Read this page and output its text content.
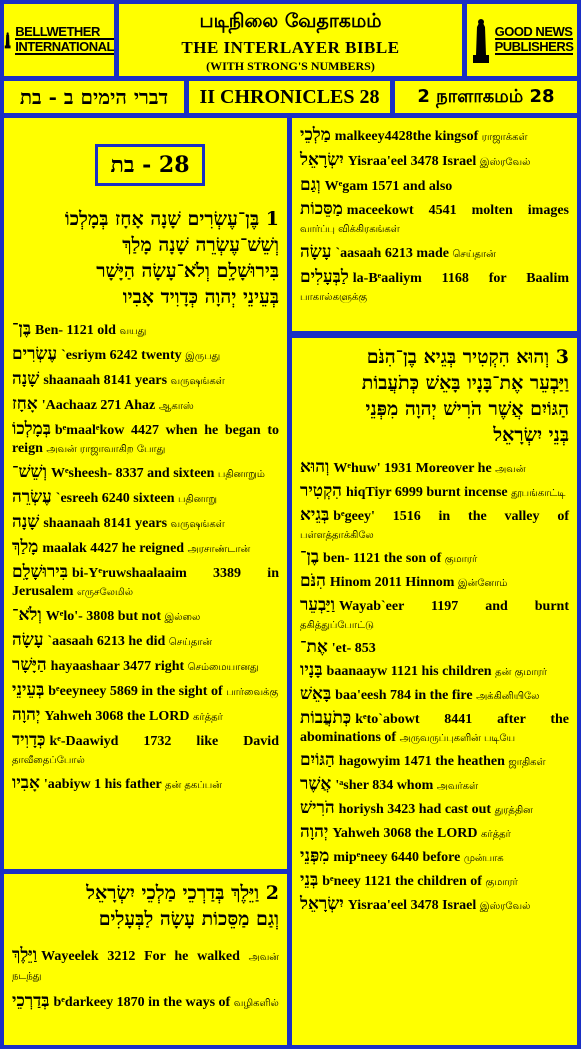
BELLWETHER
INTERNATIONAL
படிநிலை வேதாகமம்
THE INTERLAYER BIBLE
(WITH STRONG'S NUMBERS)
GOOD NEWS
PUBLISHERS
דברי הימים ב - בת	II CHRONICLES 28	2 நாளாகமம் 28
28 - בת
1 בֶּן־עֶשְׂרִים שָׁנָה אָחָז בְּמָלְכוֹ
וְשֵׁשׁ־עֶשְׂרֵה שָׁנָה מָלַךְ
בִּירוּשָׁלִָם וְלֹא־עָשָׂה הַיָּשָׁר
בְּעֵינֵי יְהוָה כְּדָוִיד אָבִיו
בֶּן־ Ben- 1121 old வயது
עֶשְׂרִים `esriym 6242 twenty இருபது
שָׁנָה shaanaah 8141 years வருஷங்கள்
אָחָז 'Aachaaz 271 Ahaz ஆகாஸ்
בְּמָלְכוֹ bᵉmaalᵉkow 4427 when he began to reign அவன் ராஜாவாகிற போது
וְשֵׁשׁ־ Wᵉsheesh- 8337 and sixteen பதினாறும்
עֶשְׂרֵה `esreeh 6240 sixteen பதினாறு
שָׁנָה shaanaah 8141 years வருஷங்கள்
מָלַךְ maalak 4427 he reigned அரசாண்டான்
בִּירוּשָׁלִָם bi-Yᵉruwshaalaaim 3389 in Jerusalem எருசலேமில்
וְלֹא־ Wᵉlo'- 3808 but not இல்லை
עָשָׂה `aasaah 6213 he did செய்தான்
הַיָּשָׁר hayaashaar 3477 right செம்மையானது
בְּעֵינֵי bᵉeeyneey 5869 in the sight of பார்வைக்கு
יְהוָה Yahweh 3068 the LORD கர்த்தர்
כְּדָוִיד kᵉ-Daawiyd 1732 like David தாவீதைப்போல்
אָבִיו 'aabiyw 1 his father தன் தகப்பன்
2 וַיֵּלֶךְ בְּדַרְכֵי מַלְכֵי יִשְׂרָאֵל
וְגַם מַסֵּכוֹת עָשָׂה לַבְּעָלִים
וַיֵּלֶךְ Wayeelek 3212 For he walked அவன் நடந்து
בְּדַרְכֵי bᵉdarkeey 1870 in the ways of வழிகளில்
מַלְכֵי malkeey4428the kingsof ராஜாக்கள்
יִשְׂרָאֵל Yisraa'eel 3478 Israel இஸ்ரவேல்
וְגַם Wᵉgam 1571 and also
מַסֵּכוֹת maceekowt 4541 molten images வார்ப்பு விக்கிரகங்கள்
עָשָׂה `aasaah 6213 made செய்தான்
לַבְּעָלִים la-Bᵉaaliym 1168 for Baalim பாகால்களுக்கு
3 וְהוּא הִקְטִיר בְּגֵיא בֶן־הִנֹּם
וַיַּבְעֵר אֶת־בָּנָיו בָּאֵשׁ כְּתֹעֲבוֹת
הַגּוֹיִם אֲשֶׁר הֹרִישׁ יְהוָה מִפְּנֵי
בְּנֵי יִשְׂרָאֵל
וְהוּא Wᵉhuw' 1931 Moreover he அவன்
הִקְטִיר hiqTiyr 6999 burnt incense தூபங்காட்டி
בְּגֵיא bᵉgeey' 1516 in the valley of பள்ளத்தாக்கிலே
בֶן־ ben- 1121 the son of குமாரர்
הִנֹּם Hinom 2011 Hinnom இன்னோம்
וַיַּבְעֵר Wayab`eer 1197 and burnt தகித்துப்போட்டு
אֶת־ 'et- 853
בָּנָיו baanaayw 1121 his children தன் குமாரர்
בָּאֵשׁ baa'eesh 784 in the fire அக்கினியிலே
כְּתֹעֲבוֹת kᵉto`abowt 8441 after the abominations of அருவருப்புகளின் படியே
הַגּוֹיִם hagowyim 1471 the heathen ஜாதிகள்
אֲשֶׁר 'ᵃsher 834 whom அவர்கள்
הֹרִישׁ horiysh 3423 had cast out துரத்தின
יְהוָה Yahweh 3068 the LORD கர்த்தர்
מִפְּנֵי mipᵉneey 6440 before முன்பாக
בְּנֵי bᵉneey 1121 the children of குமாரர்
יִשְׂרָאֵל Yisraa'eel 3478 Israel இஸ்ரவேல்
